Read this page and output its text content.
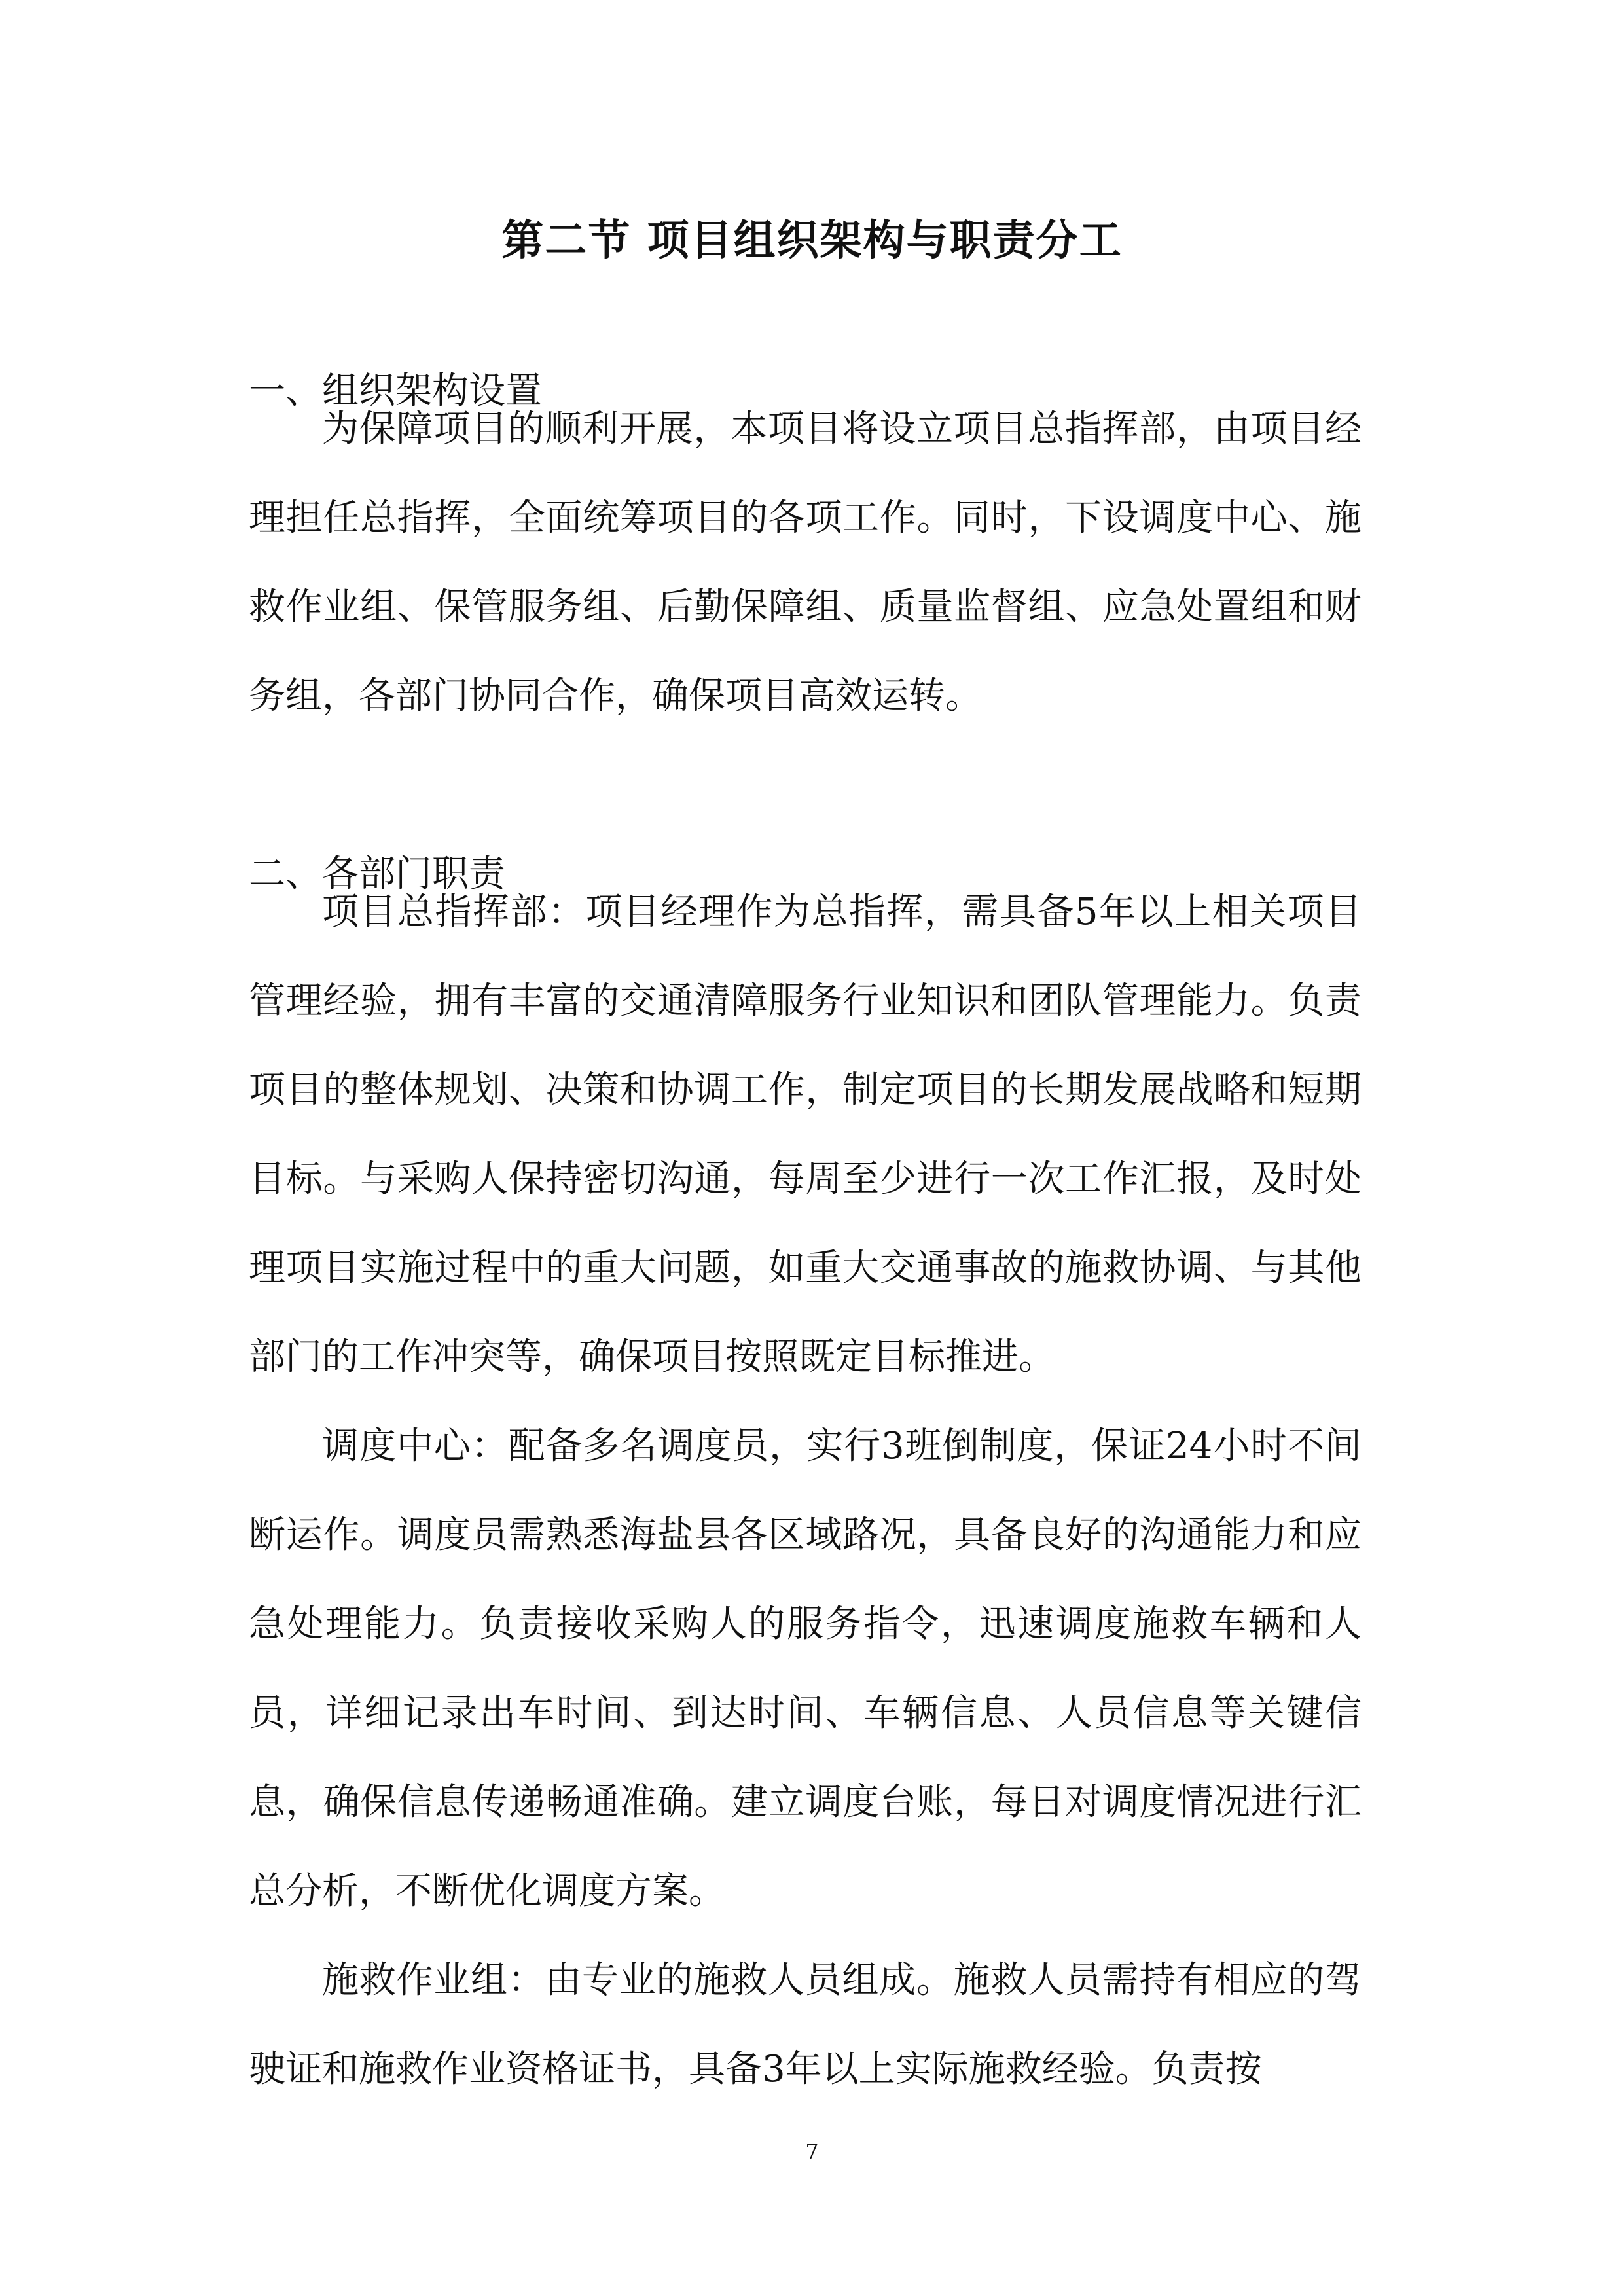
第二节 项目组织架构与职责分工
一、组织架构设置

为保障项目的顺利开展，本项目将设立项目总指挥部，由项目经理担任总指挥，全面统筹项目的各项工作。同时，下设调度中心、施救作业组、保管服务组、后勤保障组、质量监督组、应急处置组和财务组，各部门协同合作，确保项目高效运转。

二、各部门职责

项目总指挥部：项目经理作为总指挥，需具备5年以上相关项目管理经验，拥有丰富的交通清障服务行业知识和团队管理能力。负责项目的整体规划、决策和协调工作，制定项目的长期发展战略和短期目标。与采购人保持密切沟通，每周至少进行一次工作汇报，及时处理项目实施过程中的重大问题，如重大交通事故的施救协调、与其他部门的工作冲突等，确保项目按照既定目标推进。

调度中心：配备多名调度员，实行3班倒制度，保证24小时不间断运作。调度员需熟悉海盐县各区域路况，具备良好的沟通能力和应急处理能力。负责接收采购人的服务指令，迅速调度施救车辆和人员，详细记录出车时间、到达时间、车辆信息、人员信息等关键信息，确保信息传递畅通准确。建立调度台账，每日对调度情况进行汇总分析，不断优化调度方案。

施救作业组：由专业的施救人员组成。施救人员需持有相应的驾驶证和施救作业资格证书，具备3年以上实际施救经验。负责按

7
